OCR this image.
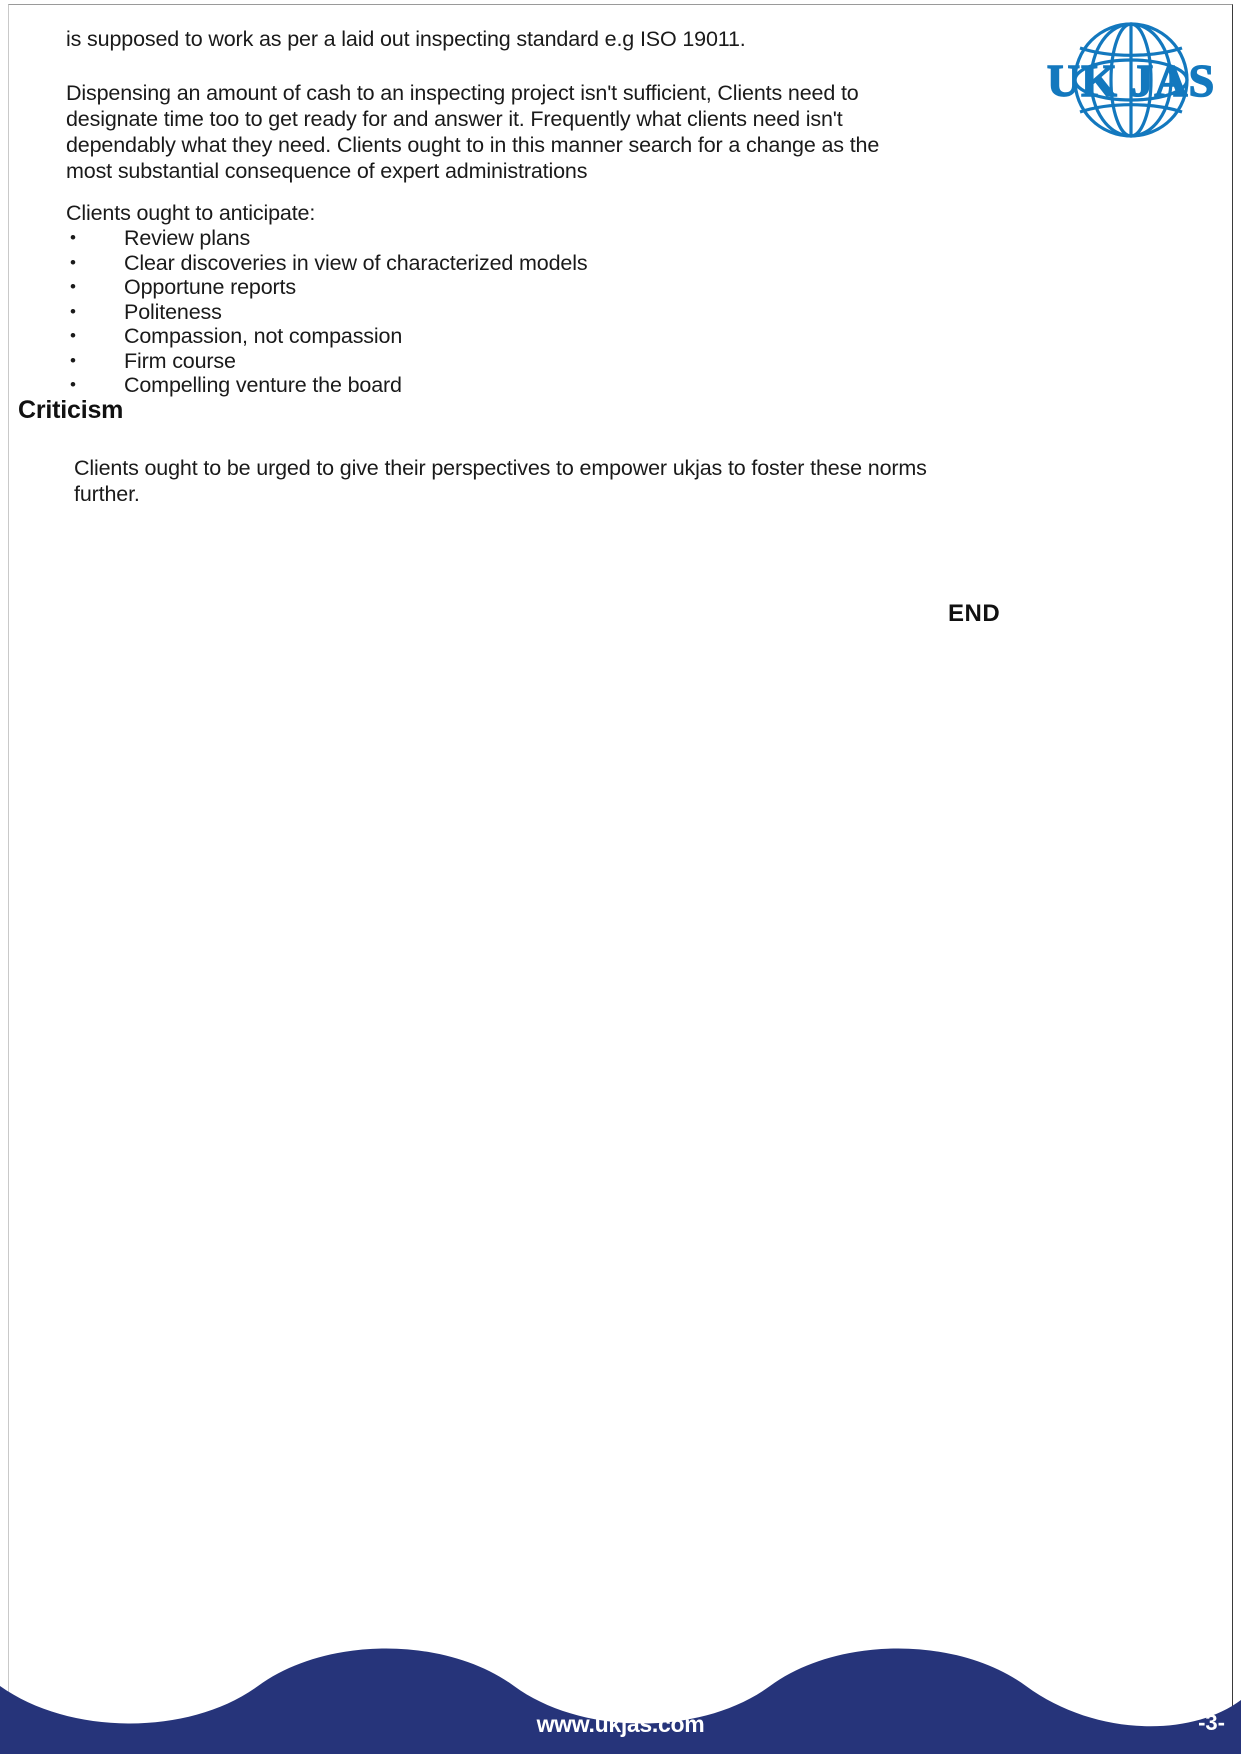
UK JAS
is supposed to work as per a laid out inspecting standard e.g ISO 19011.
Dispensing an amount of cash to an inspecting project isn't sufficient, Clients need to designate time too to get ready for and answer it. Frequently what clients need isn't dependably what they need. Clients ought to in this manner search for a change as the most substantial consequence of expert administrations
Clients ought to anticipate:
• Review plans
• Clear discoveries in view of characterized models
• Opportune reports
• Politeness
• Compassion, not compassion
• Firm course
• Compelling venture the board
Criticism
Clients ought to be urged to give their perspectives to empower ukjas to foster these norms further.
END
www.ukjas.com	-3-
